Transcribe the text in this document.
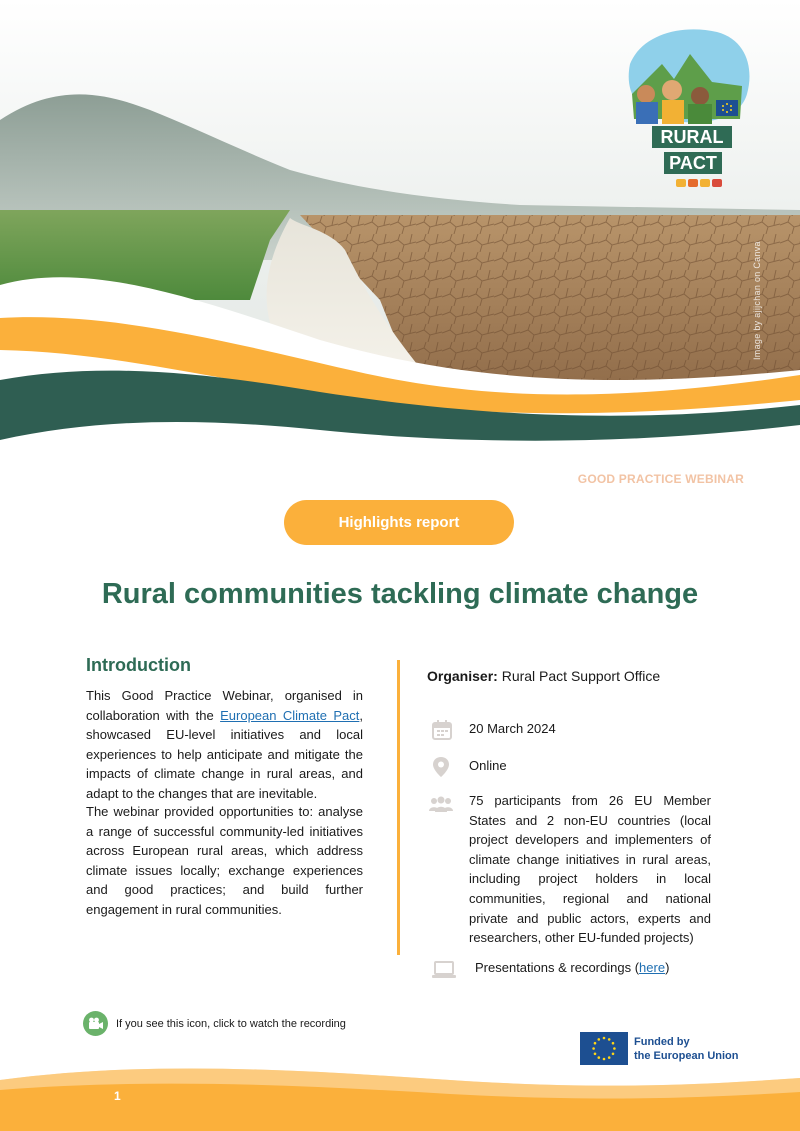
Image by ajijchan on Canva
RURAL
PACT
GOOD PRACTICE WEBINAR
Highlights report
Rural communities tackling climate change
Introduction
This Good Practice Webinar, organised in collaboration with the European Climate Pact, showcased EU-level initiatives and local experiences to help anticipate and mitigate the impacts of climate change in rural areas, and adapt to the changes that are inevitable.
The webinar provided opportunities to: analyse a range of successful community-led initiatives across European rural areas, which address climate issues locally; exchange experiences and good practices; and build further engagement in rural communities.
Organiser: Rural Pact Support Office
20 March 2024
Online
75 participants from 26 EU Member States and 2 non-EU countries (local project developers and implementers of climate change initiatives in rural areas, including project holders in local communities, regional and national private and public actors, experts and researchers, other EU-funded projects)
Presentations & recordings (here)
If you see this icon, click to watch the recording
Funded by
the European Union
1
